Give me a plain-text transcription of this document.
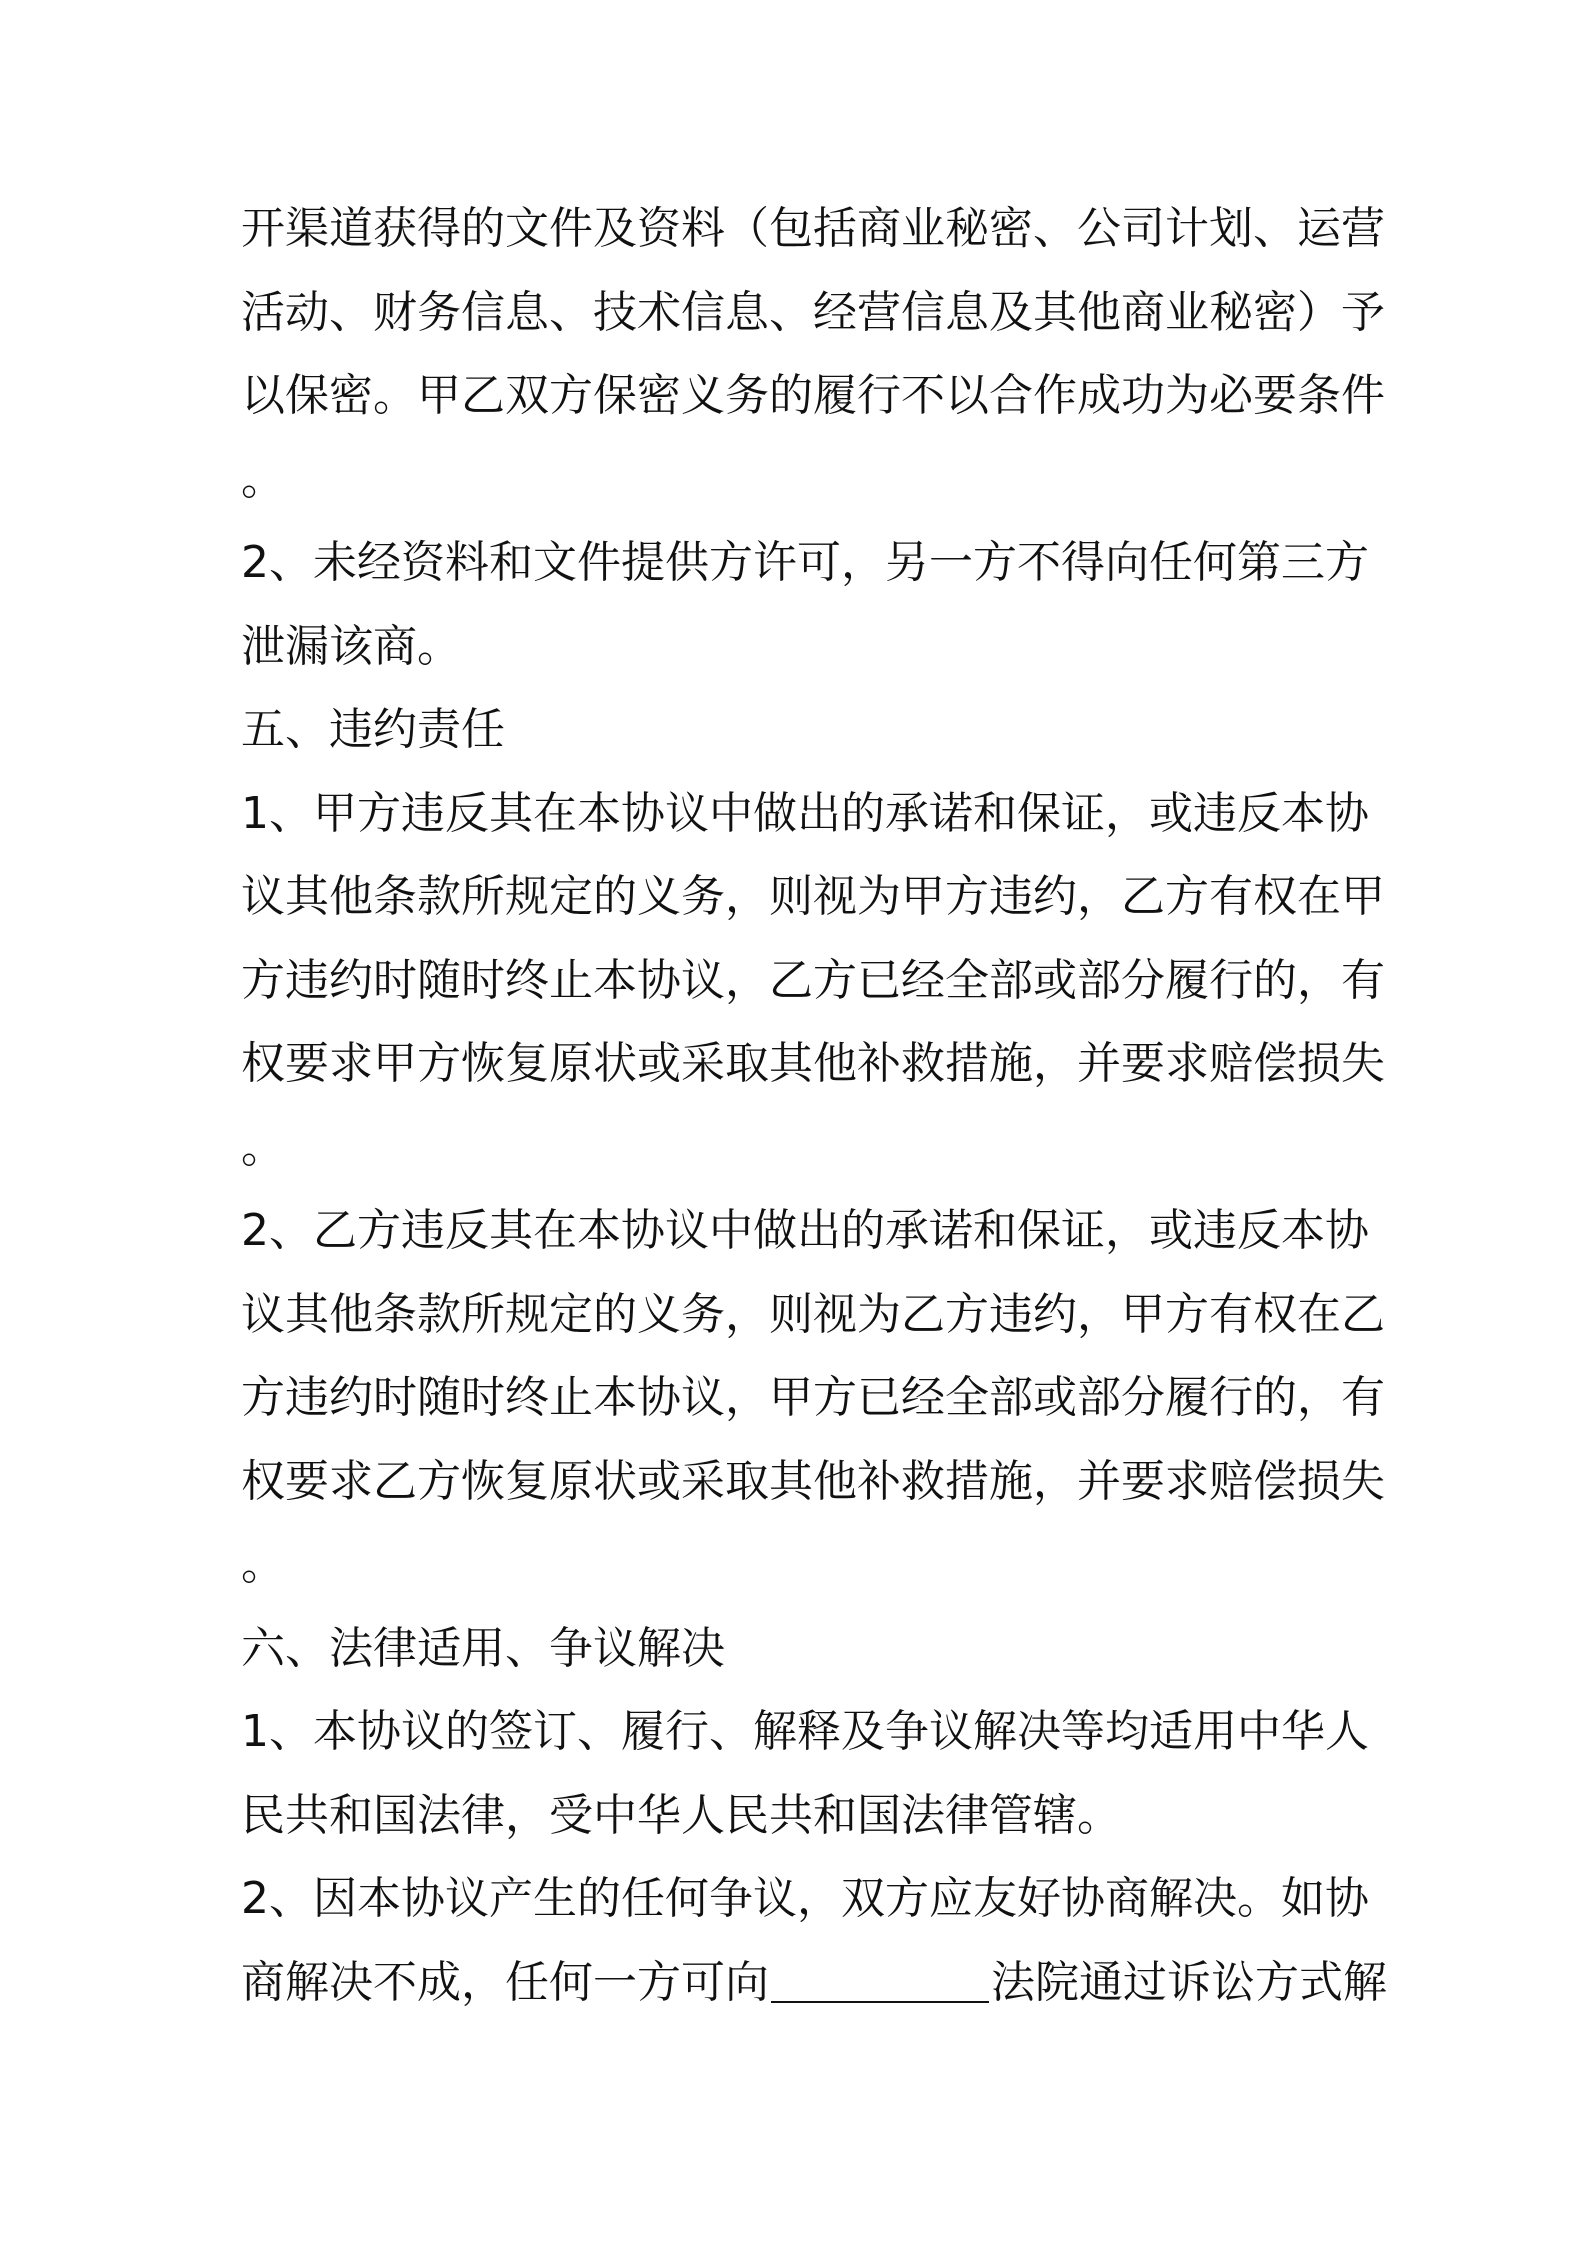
开渠道获得的文件及资料（包括商业秘密、公司计划、运营
活动、财务信息、技术信息、经营信息及其他商业秘密）予
以保密。甲乙双方保密义务的履行不以合作成功为必要条件
。
2、未经资料和文件提供方许可，另一方不得向任何第三方
泄漏该商。
五、违约责任
1、甲方违反其在本协议中做出的承诺和保证，或违反本协
议其他条款所规定的义务，则视为甲方违约，乙方有权在甲
方违约时随时终止本协议，乙方已经全部或部分履行的，有
权要求甲方恢复原状或采取其他补救措施，并要求赔偿损失
。
2、乙方违反其在本协议中做出的承诺和保证，或违反本协
议其他条款所规定的义务，则视为乙方违约，甲方有权在乙
方违约时随时终止本协议，甲方已经全部或部分履行的，有
权要求乙方恢复原状或采取其他补救措施，并要求赔偿损失
。
六、法律适用、争议解决
1、本协议的签订、履行、解释及争议解决等均适用中华人
民共和国法律，受中华人民共和国法律管辖。
2、因本协议产生的任何争议，双方应友好协商解决。如协
商解决不成，任何一方可向	法院通过诉讼方式解
